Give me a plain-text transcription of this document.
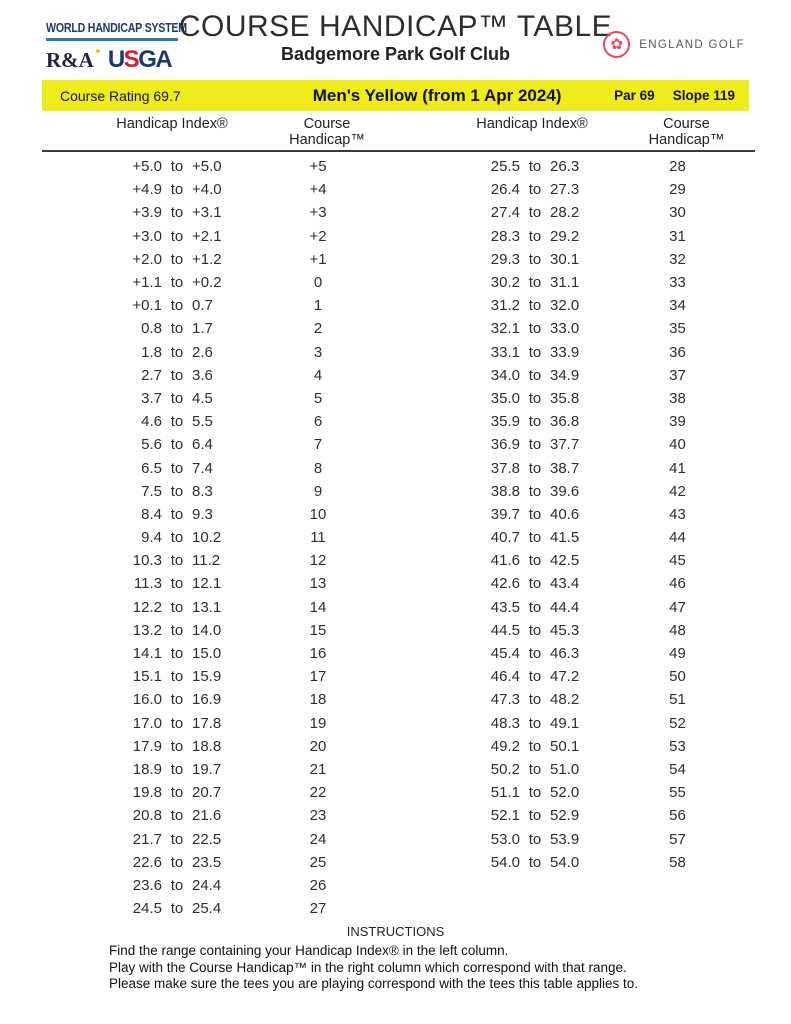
WORLD HANDICAP SYSTEM
R&A USGA
COURSE HANDICAP™ TABLE
Badgemore Park Golf Club	✿	ENGLAND GOLF
Course Rating 69.7	Men's Yellow (from 1 Apr 2024)	Par 69 Slope 119
Handicap Index®	Course Handicap™
Handicap Index®	Course Handicap™
+5.0 to +5.0	+5
+4.9 to +4.0	+4
+3.9 to +3.1	+3
+3.0 to +2.1	+2
+2.0 to +1.2	+1
+1.1 to +0.2	0
+0.1 to 0.7	1
0.8 to 1.7	2
1.8 to 2.6	3
2.7 to 3.6	4
3.7 to 4.5	5
4.6 to 5.5	6
5.6 to 6.4	7
6.5 to 7.4	8
7.5 to 8.3	9
8.4 to 9.3	10
9.4 to 10.2	11
10.3 to 11.2	12
11.3 to 12.1	13
12.2 to 13.1	14
13.2 to 14.0	15
14.1 to 15.0	16
15.1 to 15.9	17
16.0 to 16.9	18
17.0 to 17.8	19
17.9 to 18.8	20
18.9 to 19.7	21
19.8 to 20.7	22
20.8 to 21.6	23
21.7 to 22.5	24
22.6 to 23.5	25
23.6 to 24.4	26
24.5 to 25.4	27
25.5 to 26.3	28
26.4 to 27.3	29
27.4 to 28.2	30
28.3 to 29.2	31
29.3 to 30.1	32
30.2 to 31.1	33
31.2 to 32.0	34
32.1 to 33.0	35
33.1 to 33.9	36
34.0 to 34.9	37
35.0 to 35.8	38
35.9 to 36.8	39
36.9 to 37.7	40
37.8 to 38.7	41
38.8 to 39.6	42
39.7 to 40.6	43
40.7 to 41.5	44
41.6 to 42.5	45
42.6 to 43.4	46
43.5 to 44.4	47
44.5 to 45.3	48
45.4 to 46.3	49
46.4 to 47.2	50
47.3 to 48.2	51
48.3 to 49.1	52
49.2 to 50.1	53
50.2 to 51.0	54
51.1 to 52.0	55
52.1 to 52.9	56
53.0 to 53.9	57
54.0 to 54.0	58
INSTRUCTIONS
Find the range containing your Handicap Index® in the left column.
Play with the Course Handicap™ in the right column which correspond with that range.
Please make sure the tees you are playing correspond with the tees this table applies to.
